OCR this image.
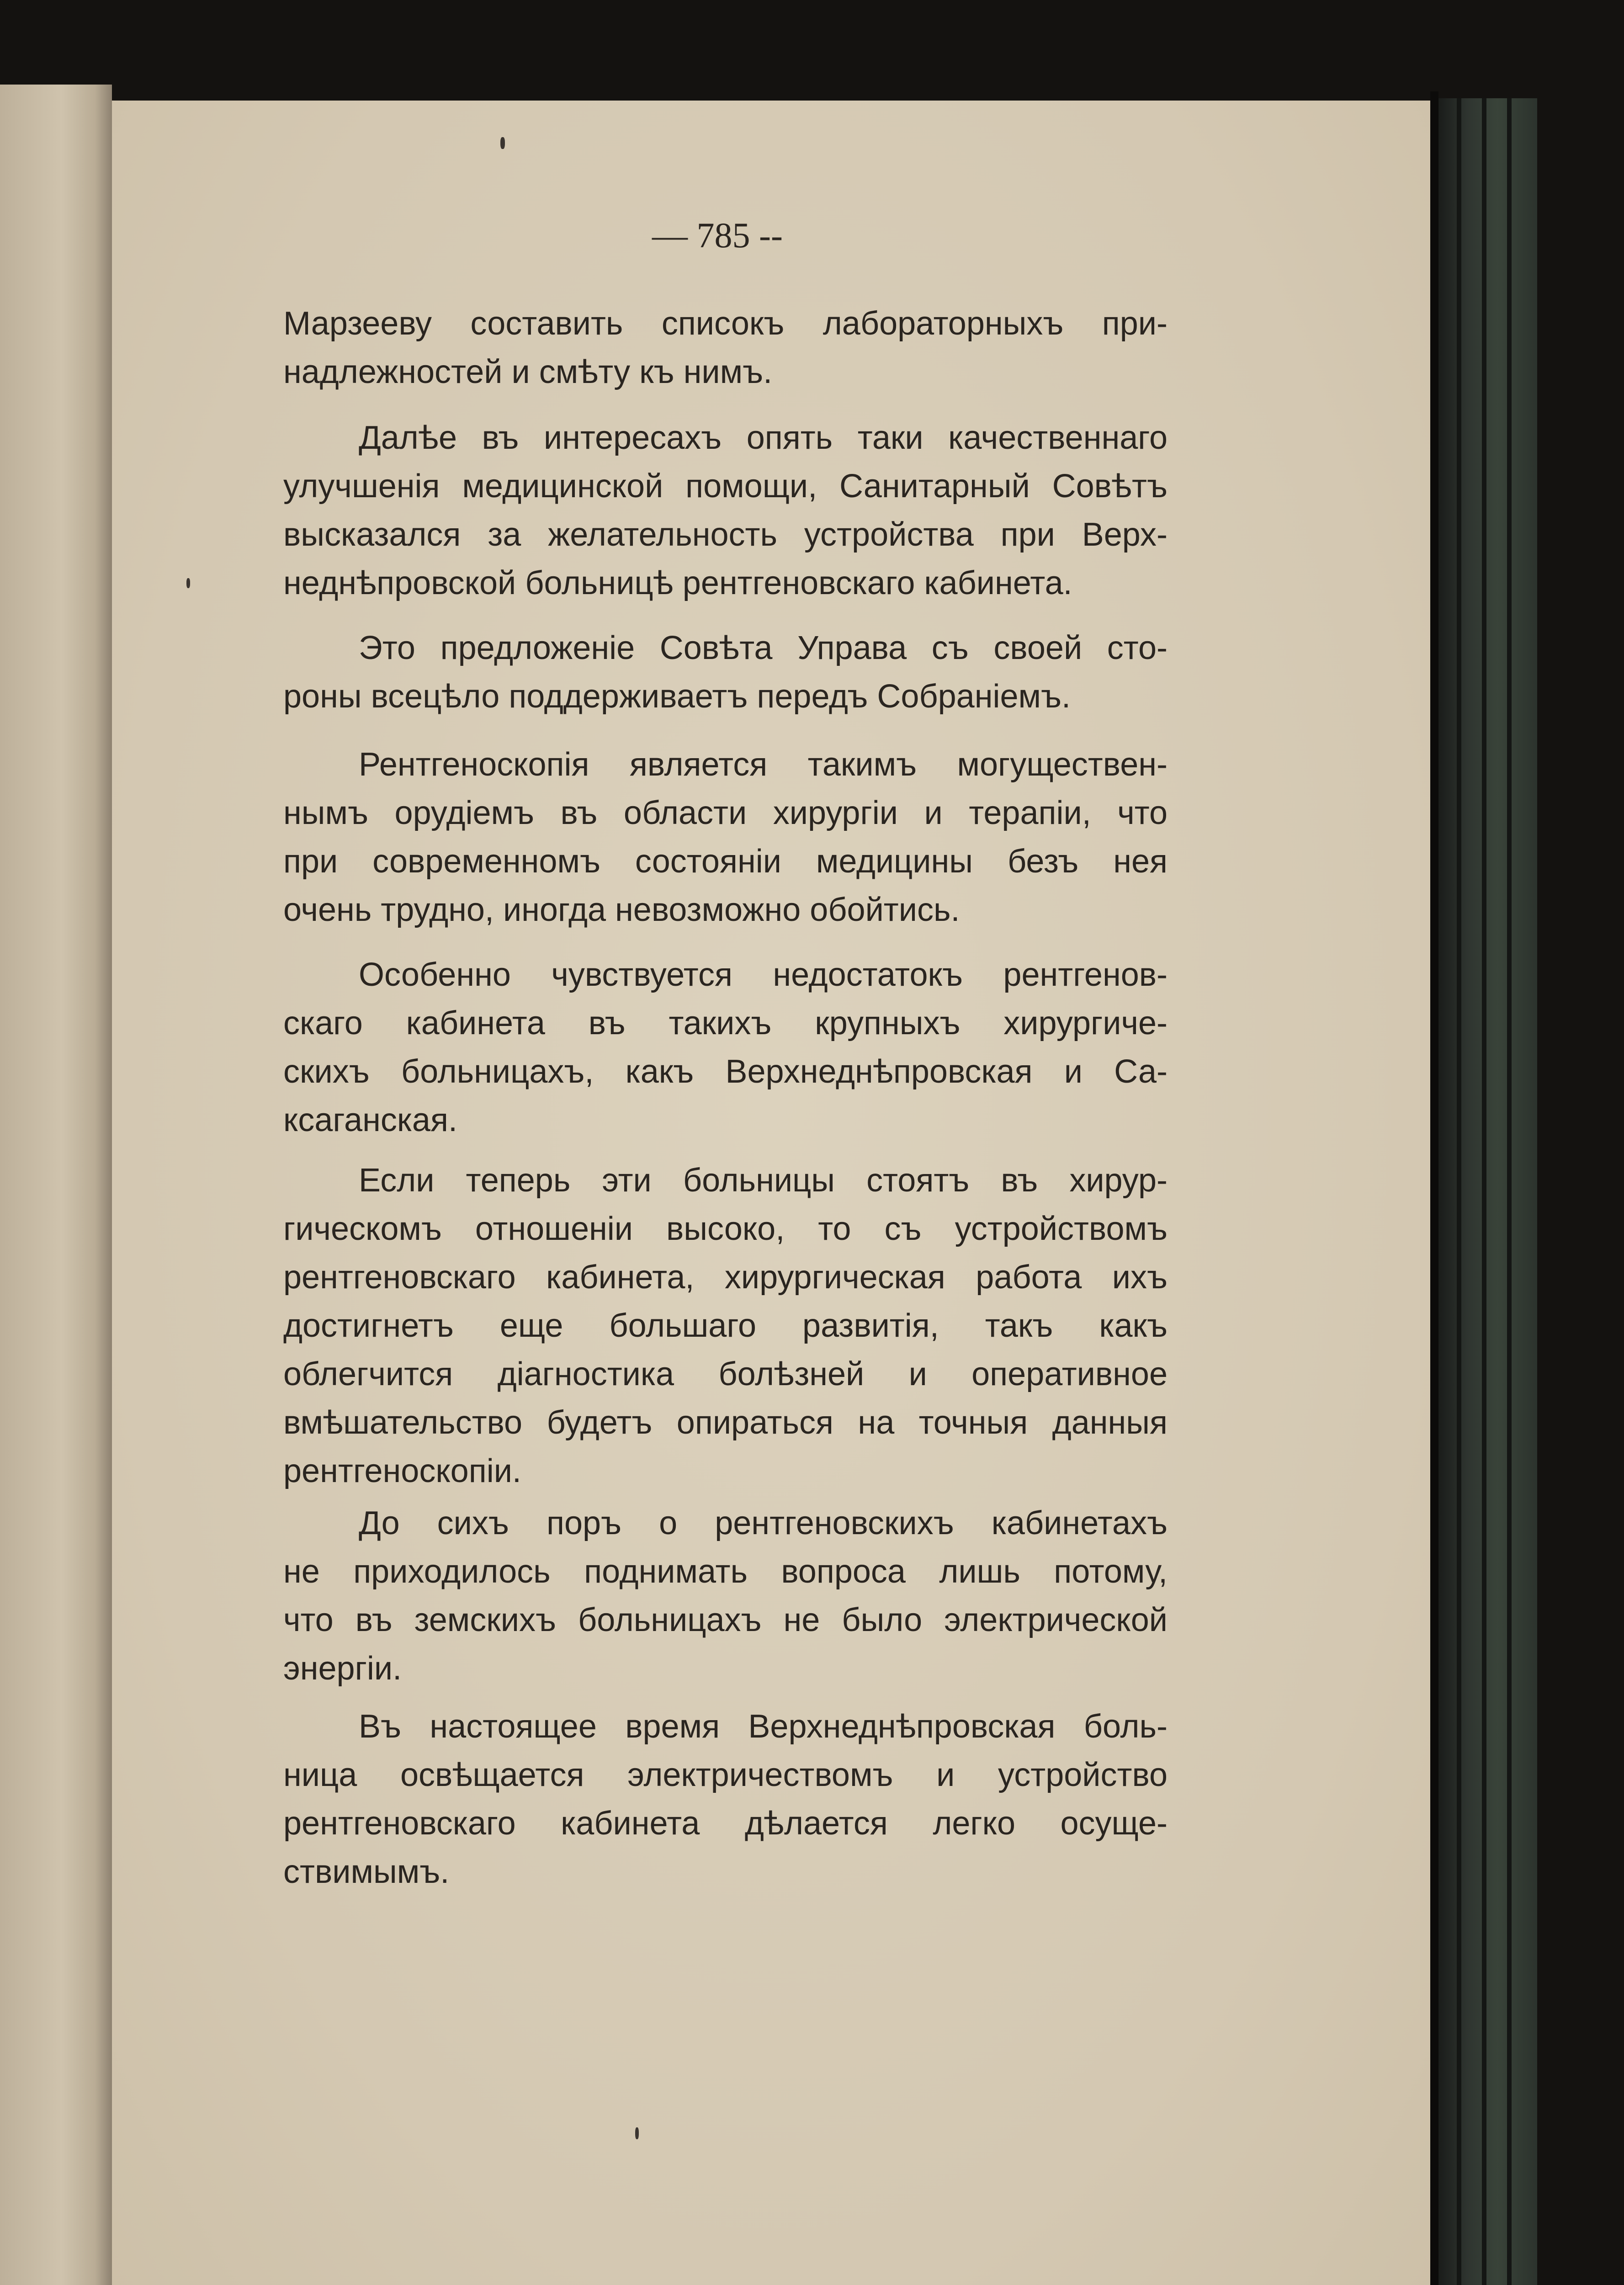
— 785 --
Марзееву составить списокъ лабораторныхъ при-
надлежностей и смѣту къ нимъ.
Далѣе въ интересахъ опять таки качественнаго
улучшенія медицинской помощи, Санитарный Совѣтъ
высказался за желательность устройства при Верх-
неднѣпровской больницѣ рентгеновскаго кабинета.
Это предложеніе Совѣта Управа съ своей сто-
роны всецѣло поддерживаетъ передъ Собраніемъ.
Рентгеноскопія является такимъ могуществен-
нымъ орудіемъ въ области хирургіи и терапіи, что
при современномъ состояніи медицины безъ нея
очень трудно, иногда невозможно обойтись.
Особенно чувствуется недостатокъ рентгенов-
скаго кабинета въ такихъ крупныхъ хирургиче-
скихъ больницахъ, какъ Верхнеднѣпровская и Са-
ксаганская.
Если теперь эти больницы стоятъ въ хирур-
гическомъ отношеніи высоко, то съ устройствомъ
рентгеновскаго кабинета, хирургическая работа ихъ
достигнетъ еще большаго развитія, такъ какъ
облегчится діагностика болѣзней и оперативное
вмѣшательство будетъ опираться на точныя данныя
рентгеноскопіи.
До сихъ поръ о рентгеновскихъ кабинетахъ
не приходилось поднимать вопроса лишь потому,
что въ земскихъ больницахъ не было электрической
энергіи.
Въ настоящее время Верхнеднѣпровская боль-
ница освѣщается электричествомъ и устройство
рентгеновскаго кабинета дѣлается легко осуще-
ствимымъ.
